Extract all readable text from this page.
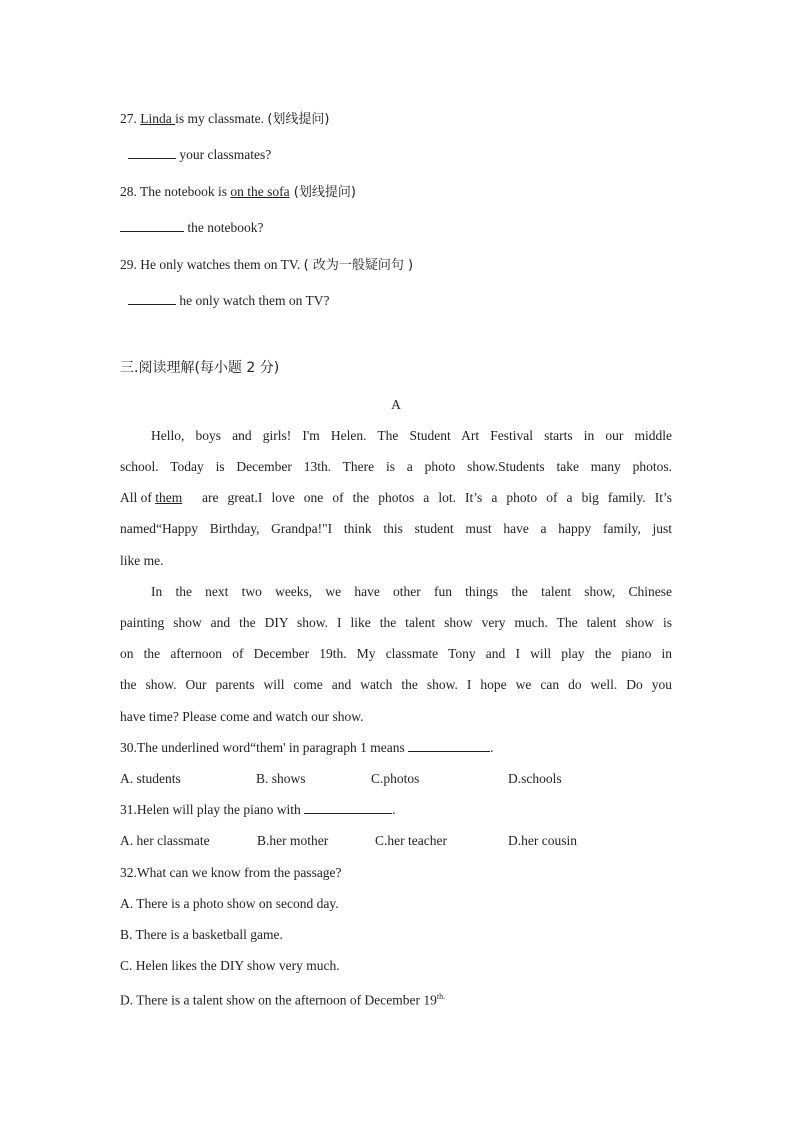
27. Linda is my classmate. (划线提问)
your classmates?
28. The notebook is on the sofa (划线提问)
the notebook?
29. He only watches them on TV. ( 改为一般疑问句 )
he only watch them on TV?
三.阅读理解(每小题 2 分)
A
Hello, boys and girls! I'm Helen. The Student Art Festival starts in our middle
school. Today is December 13th. There is a photo show.Students take many photos.
All of them	are great.I love one of the photos a lot. It’s a photo of a big family. It’s
named“Happy Birthday, Grandpa!"I think this student must have a happy family, just
like me.
In the next two weeks, we have other fun things the talent show, Chinese
painting show and the DIY show. I like the talent show very much. The talent show is
on the afternoon of December 19th. My classmate Tony and I will play the piano in
the show. Our parents will come and watch the show. I hope we can do well. Do you
have time? Please come and watch our show.
30.The underlined word“them' in paragraph 1 means	.
A. students	B. shows	C.photos	D.schools
31.Helen will play the piano with	.
A. her classmate	B.her mother	C.her teacher	D.her cousin
32.What can we know from the passage?
A. There is a photo show on second day.
B. There is a basketball game.
C. Helen likes the DIY show very much.
D. There is a talent show on the afternoon of December $19^{th.}$
